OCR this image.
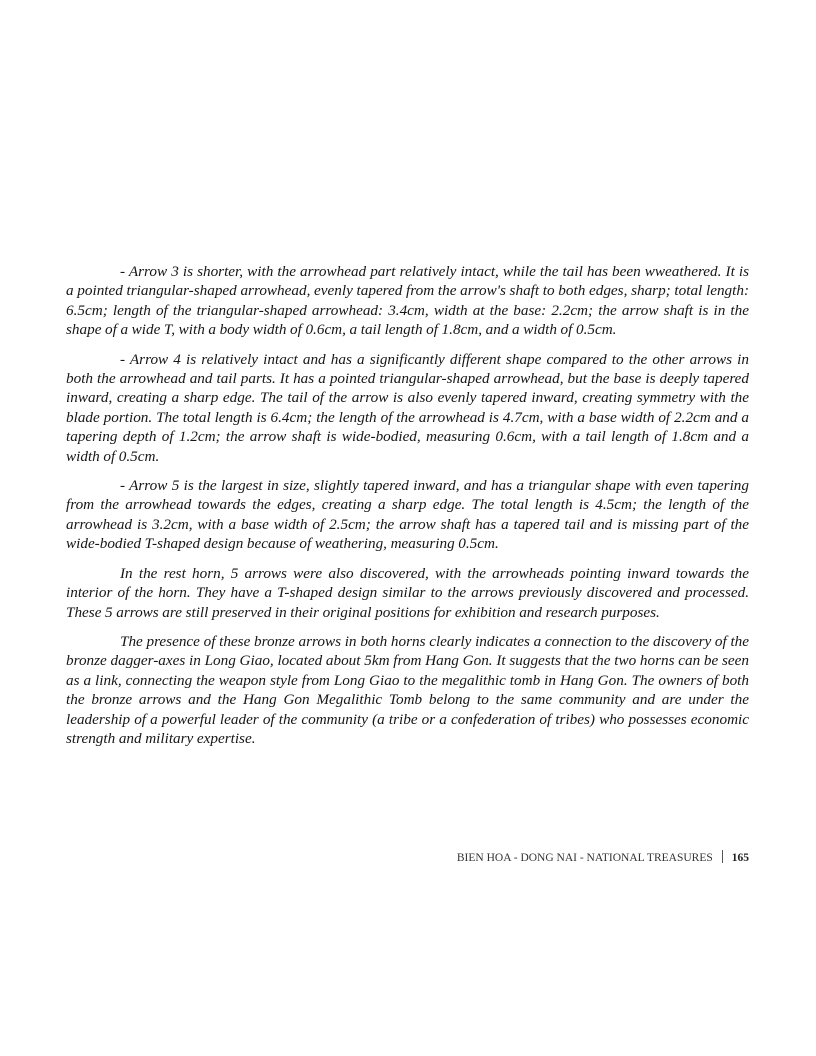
- Arrow 3 is shorter, with the arrowhead part relatively intact, while the tail has been wweathered. It is a pointed triangular-shaped arrowhead, evenly tapered from the arrow's shaft to both edges, sharp; total length: 6.5cm; length of the triangular-shaped arrowhead: 3.4cm, width at the base: 2.2cm; the arrow shaft is in the shape of a wide T, with a body width of 0.6cm, a tail length of 1.8cm, and a width of 0.5cm.

- Arrow 4 is relatively intact and has a significantly different shape compared to the other arrows in both the arrowhead and tail parts. It has a pointed triangular-shaped arrowhead, but the base is deeply tapered inward, creating a sharp edge. The tail of the arrow is also evenly tapered inward, creating symmetry with the blade portion. The total length is 6.4cm; the length of the arrowhead is 4.7cm, with a base width of 2.2cm and a tapering depth of 1.2cm; the arrow shaft is wide-bodied, measuring 0.6cm, with a tail length of 1.8cm and a width of 0.5cm.

- Arrow 5 is the largest in size, slightly tapered inward, and has a triangular shape with even tapering from the arrowhead towards the edges, creating a sharp edge. The total length is 4.5cm; the length of the arrowhead is 3.2cm, with a base width of 2.5cm; the arrow shaft has a tapered tail and is missing part of the wide-bodied T-shaped design because of weathering, measuring 0.5cm.

In the rest horn, 5 arrows were also discovered, with the arrowheads pointing inward towards the interior of the horn. They have a T-shaped design similar to the arrows previously discovered and processed. These 5 arrows are still preserved in their original positions for exhibition and research purposes.

The presence of these bronze arrows in both horns clearly indicates a connection to the discovery of the bronze dagger-axes in Long Giao, located about 5km from Hang Gon. It suggests that the two horns can be seen as a link, connecting the weapon style from Long Giao to the megalithic tomb in Hang Gon. The owners of both the bronze arrows and the Hang Gon Megalithic Tomb belong to the same community and are under the leadership of a powerful leader of the community (a tribe or a confederation of tribes) who possesses economic strength and military expertise.

BIEN HOA - DONG NAI - NATIONAL TREASURES 165
